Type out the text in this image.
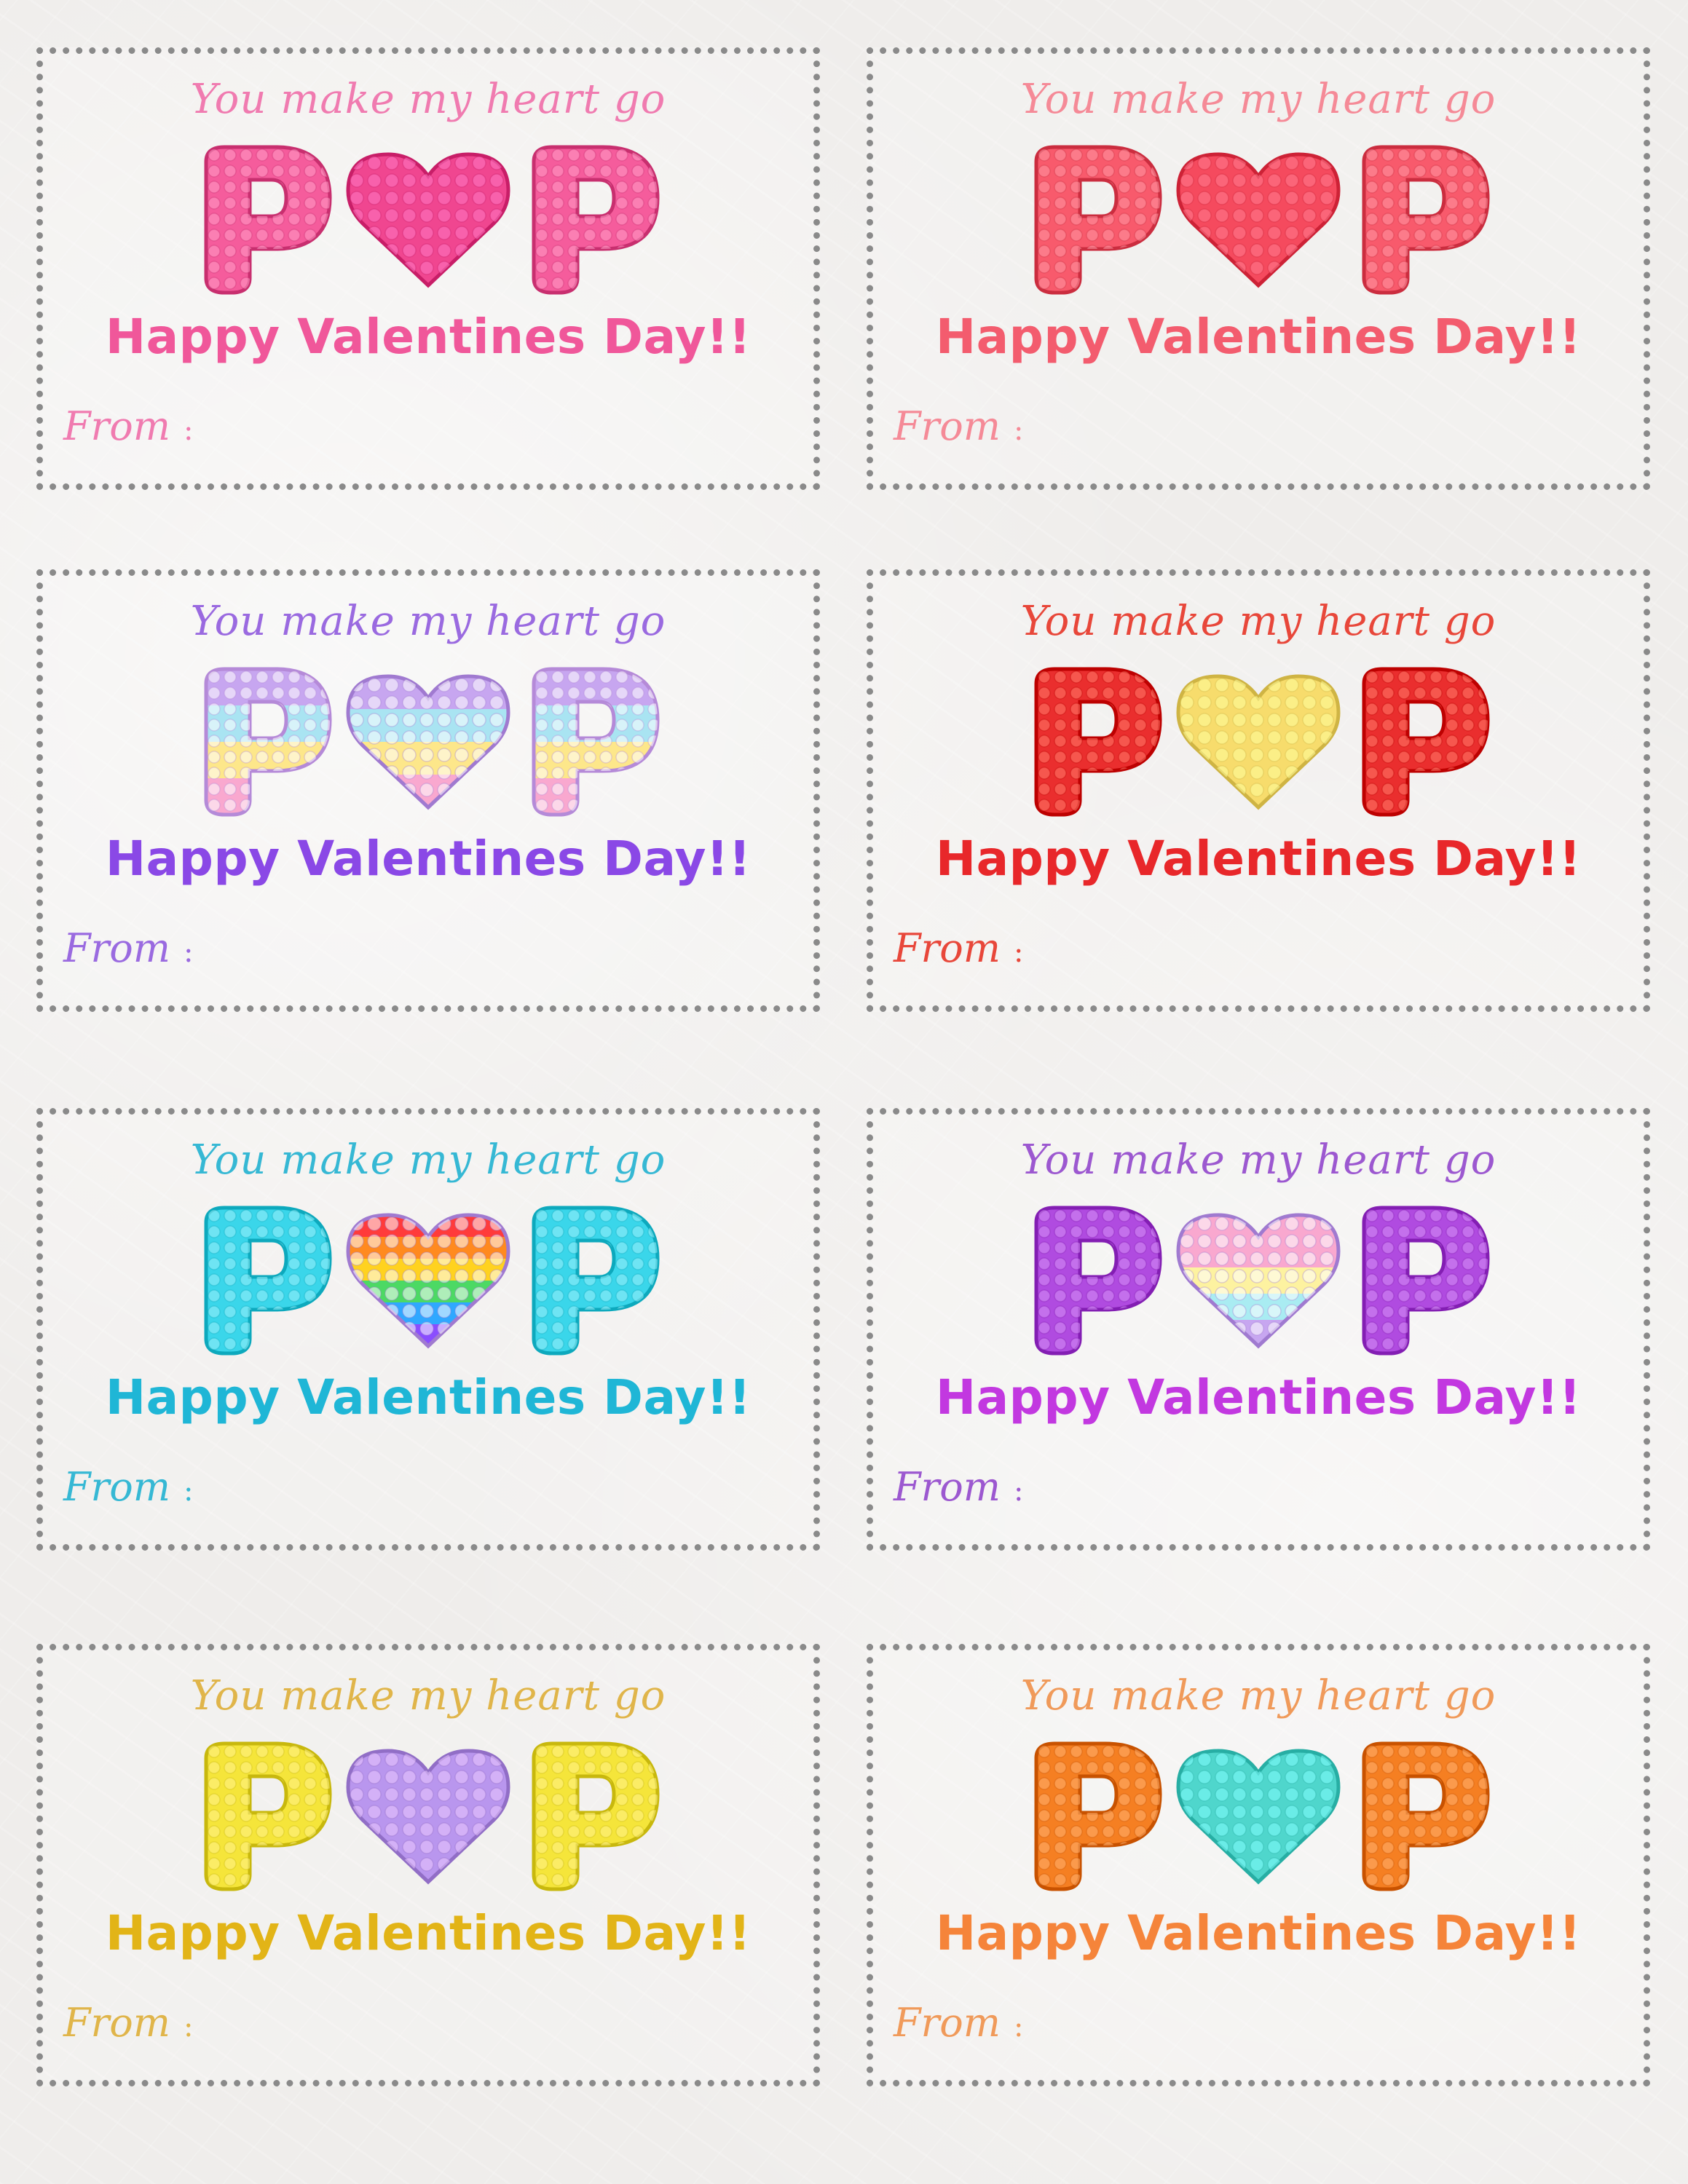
You make my heart go
Happy Valentines Day!!
From :
You make my heart go
Happy Valentines Day!!
From :
You make my heart go
Happy Valentines Day!!
From :
You make my heart go
Happy Valentines Day!!
From :
You make my heart go
Happy Valentines Day!!
From :
You make my heart go
Happy Valentines Day!!
From :
You make my heart go
Happy Valentines Day!!
From :
You make my heart go
Happy Valentines Day!!
From :
